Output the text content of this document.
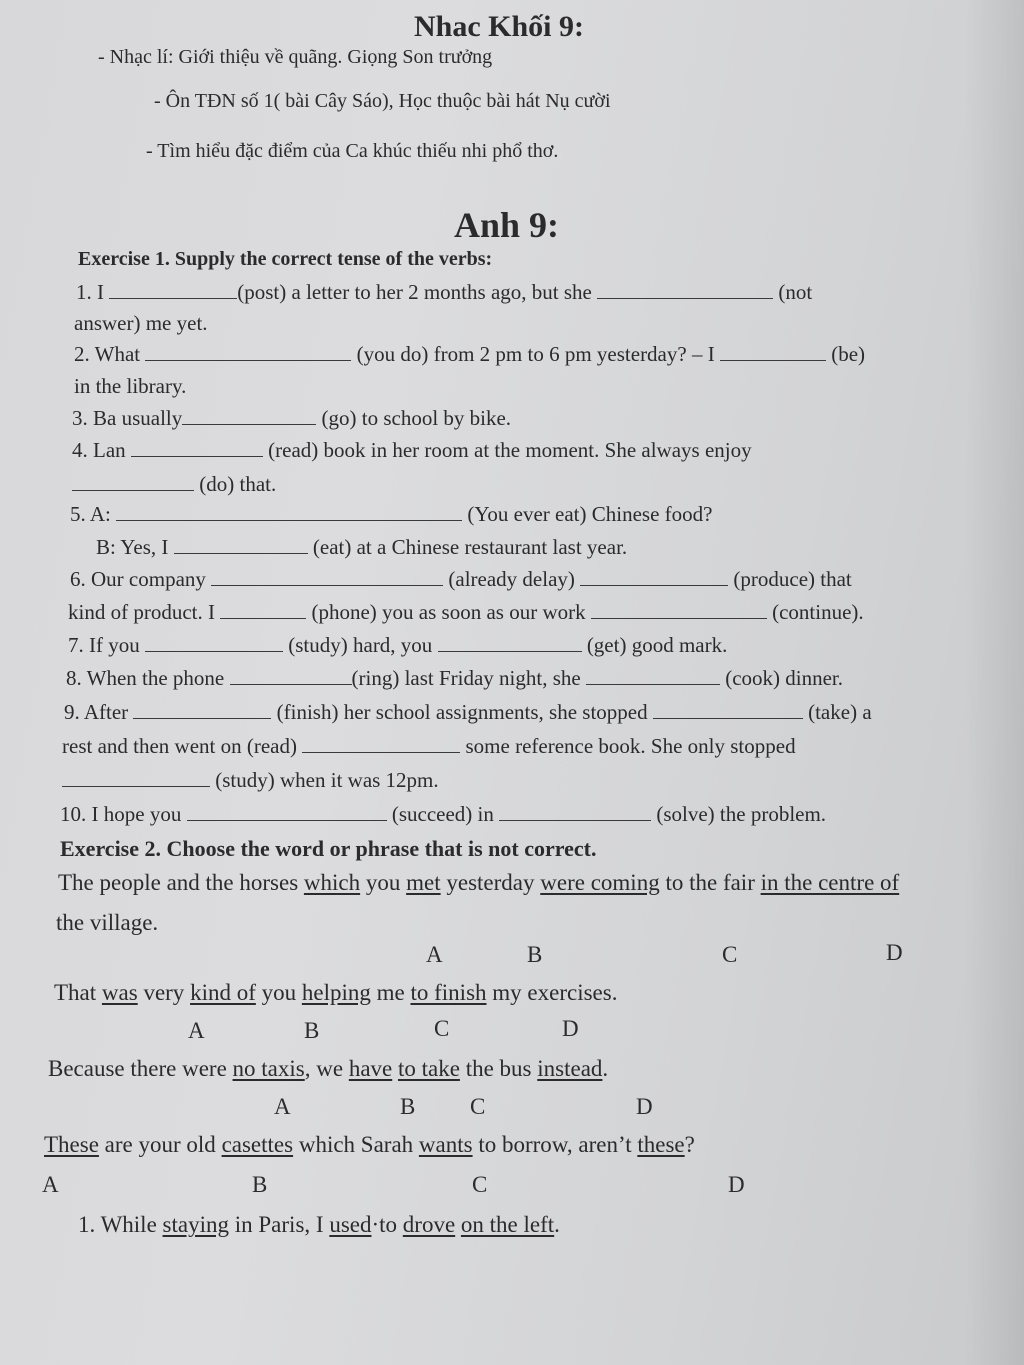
Nhac Khối 9:
- Nhạc lí: Giới thiệu về quãng. Giọng Son trưởng
- Ôn TĐN số 1( bài Cây Sáo), Học thuộc bài hát Nụ cười
- Tìm hiểu đặc điểm của Ca khúc thiếu nhi phổ thơ.
Anh 9:
Exercise 1. Supply the correct tense of the verbs:
1. I	(post) a letter to her 2 months ago, but she	(not
answer) me yet.
2. What	(you do) from 2 pm to 6 pm yesterday? – I	(be)
in the library.
3. Ba usually	(go) to school by bike.
4. Lan	(read) book in her room at the moment. She always enjoy
(do) that.
5. A:	(You ever eat) Chinese food?
B: Yes, I	(eat) at a Chinese restaurant last year.
6. Our company	(already delay)	(produce) that
kind of product. I	(phone) you as soon as our work	(continue).
7. If you	(study) hard, you	(get) good mark.
8. When the phone	(ring) last Friday night, she	(cook) dinner.
9. After	(finish) her school assignments, she stopped	(take) a
rest and then went on (read)	some reference book. She only stopped
(study) when it was 12pm.
10. I hope you	(succeed) in	(solve) the problem.
Exercise 2. Choose the word or phrase that is not correct.
The people and the horses which you met yesterday were coming to the fair in the centre of
the village.
A	B	C	D
That was very kind of you helping me to finish my exercises.
A	B	C	D
Because there were no taxis, we have to take the bus instead.
A	B C	D
These are your old casettes which Sarah wants to borrow, aren’t these?
A	B	C	D
1. While staying in Paris, I used·to drove on the left.
